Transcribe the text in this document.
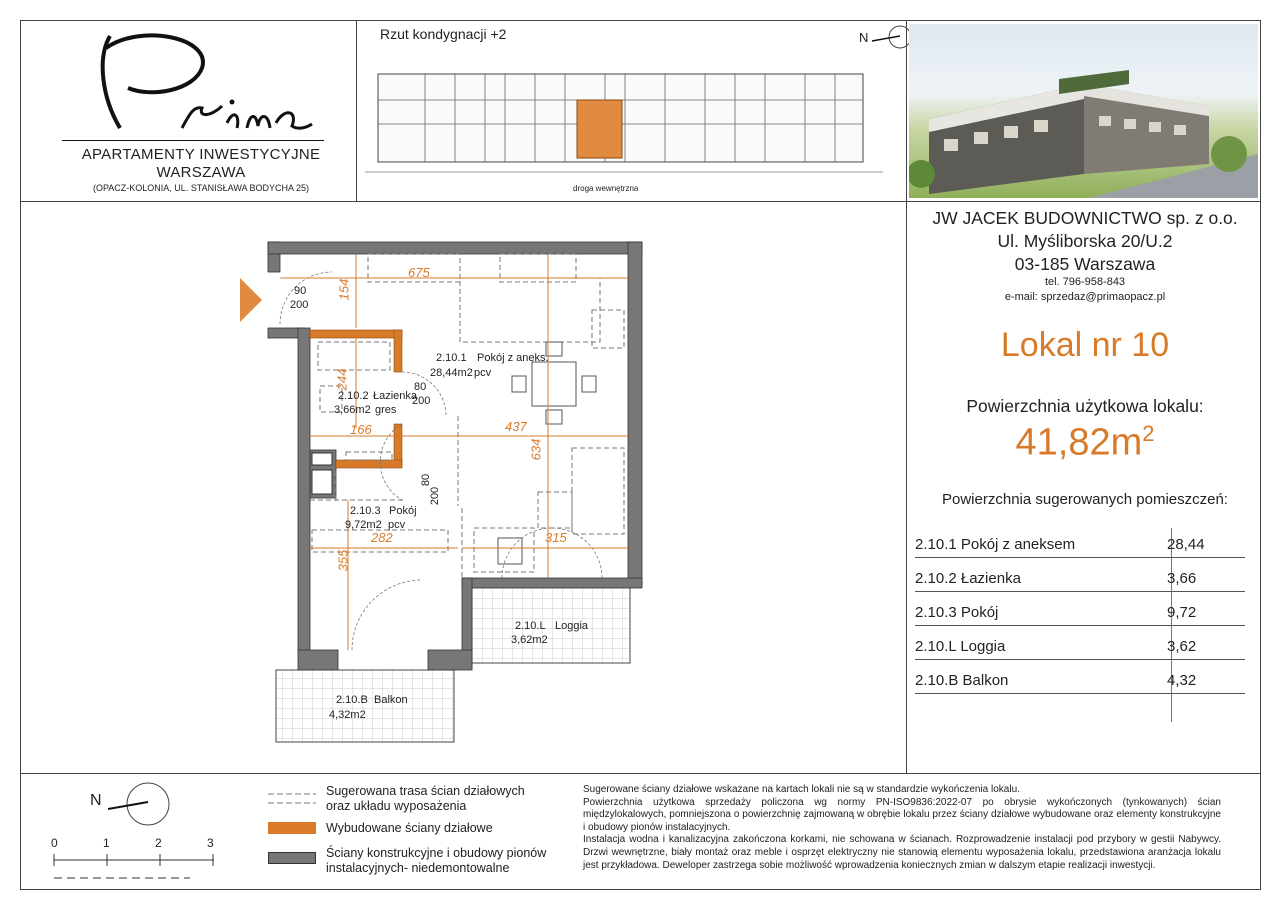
APARTAMENTY INWESTYCYJNE
WARSZAWA
(OPACZ-KOLONIA, UL. STANISŁAWA BODYCHA 25)
Rzut kondygnacji +2	N
droga wewnętrzna
JW JACEK BUDOWNICTWO sp. z o.o.
Ul. Myśliborska 20/U.2
03-185 Warszawa
tel. 796-958-843
e-mail: sprzedaz@primaopacz.pl
Lokal nr 10
Powierzchnia użytkowa lokalu:
$41,82m^2$
Powierzchnia sugerowanych pomieszczeń:
2.10.1 Pokój z aneksem	28,44
2.10.2 Łazienka	3,66
2.10.3 Pokój	9,72
2.10.L Loggia	3,62
2.10.B Balkon	4,32
675
154
90
200
2.10.1 Pokój z aneks.
28,44m2 pcv
244
2.10.2 Łazienka
3,66m2 gres
80
200
166	437
634
80
200
2.10.3 Pokój
9,72m2 pcv
282	315
355
2.10.L Loggia
3,62m2
2.10.B Balkon
4,32m2
N
0	1	2	3
Sugerowana trasa ścian działowych
oraz układu wyposażenia
Wybudowane ściany działowe
Ściany konstrukcyjne i obudowy pionów
instalacyjnych- niedemontowalne
Sugerowane ściany działowe wskazane na kartach lokali nie są w standardzie wykończenia lokalu.
Powierzchnia użytkowa sprzedaży policzona wg normy PN-ISO9836:2022-07 po obrysie wykończonych (tynkowanych) ścian międzylokalowych, pomniejszona o powierzchnię zajmowaną w obrębie lokalu przez ściany działowe wybudowane oraz elementy konstrukcyjne i obudowy pionów instalacyjnych.
Instalacja wodna i kanalizacyjna zakończona korkami, nie schowana w ścianach. Rozprowadzenie instalacji pod przybory w gestii Nabywcy. Drzwi wewnętrzne, biały montaż oraz meble i osprzęt elektryczny nie stanowią elementu wyposażenia lokalu, przedstawiona aranżacja lokalu jest przykładowa. Deweloper zastrzega sobie możliwość wprowadzenia koniecznych zmian w dalszym etapie realizacji inwestycji.
